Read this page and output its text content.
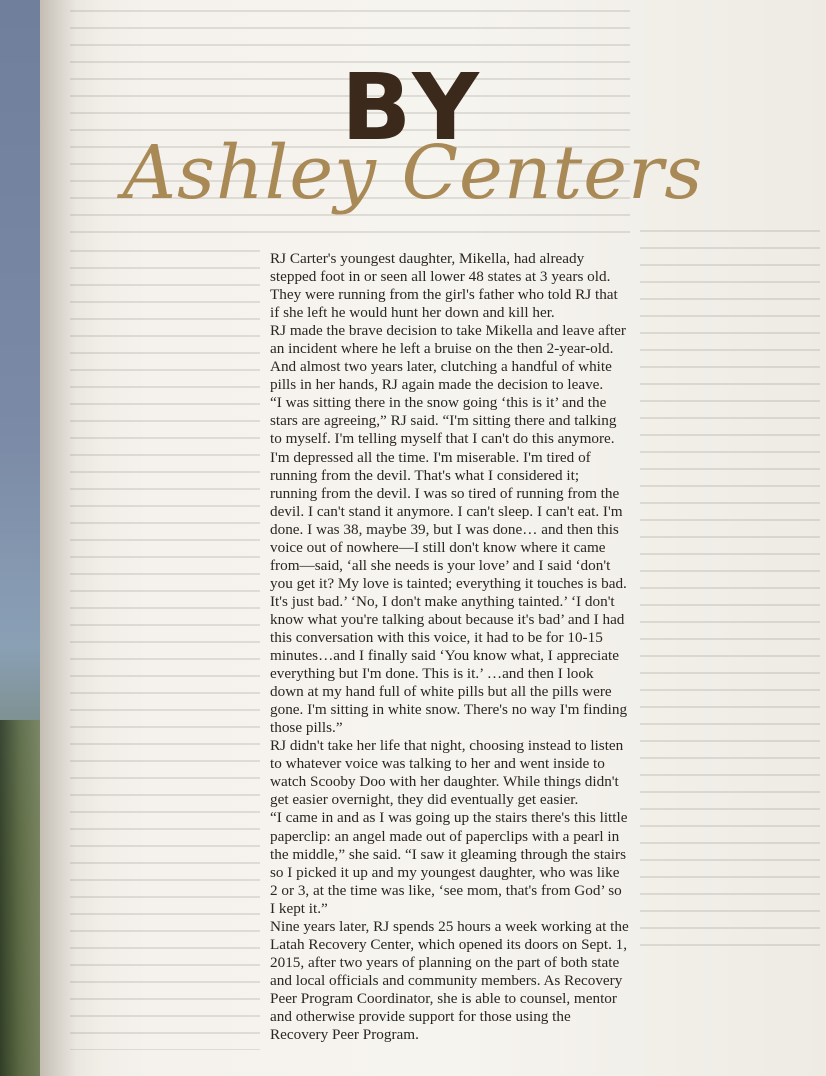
BY
Ashley Centers

RJ Carter's youngest daughter, Mikella, had already stepped foot in or seen all lower 48 states at 3 years old. They were running from the girl's father who told RJ that if she left he would hunt her down and kill her.

RJ made the brave decision to take Mikella and leave after an incident where he left a bruise on the then 2-year-old. And almost two years later, clutching a handful of white pills in her hands, RJ again made the decision to leave.

“I was sitting there in the snow going ‘this is it’ and the stars are agreeing,” RJ said. “I'm sitting there and talking to myself. I'm telling myself that I can't do this anymore. I'm depressed all the time. I'm miserable. I'm tired of running from the devil. That's what I considered it; running from the devil. I was so tired of running from the devil. I can't stand it anymore. I can't sleep. I can't eat. I'm done. I was 38, maybe 39, but I was done… and then this voice out of nowhere—I still don't know where it came from—said, ‘all she needs is your love’ and I said ‘don't you get it? My love is tainted; everything it touches is bad. It's just bad.’ ‘No, I don't make anything tainted.’ ‘I don't know what you're talking about because it's bad’ and I had this conversation with this voice, it had to be for 10-15 minutes…and I finally said ‘You know what, I appreciate everything but I'm done. This is it.’ …and then I look down at my hand full of white pills but all the pills were gone. I'm sitting in white snow. There's no way I'm finding those pills.”

RJ didn't take her life that night, choosing instead to listen to whatever voice was talking to her and went inside to watch Scooby Doo with her daughter. While things didn't get easier overnight, they did eventually get easier.

“I came in and as I was going up the stairs there's this little paperclip: an angel made out of paperclips with a pearl in the middle,” she said. “I saw it gleaming through the stairs so I picked it up and my youngest daughter, who was like 2 or 3, at the time was like, ‘see mom, that's from God’ so I kept it.”

Nine years later, RJ spends 25 hours a week working at the Latah Recovery Center, which opened its doors on Sept. 1, 2015, after two years of planning on the part of both state and local officials and community members. As Recovery Peer Program Coordinator, she is able to counsel, mentor and otherwise provide support for those using the Recovery Peer Program.
